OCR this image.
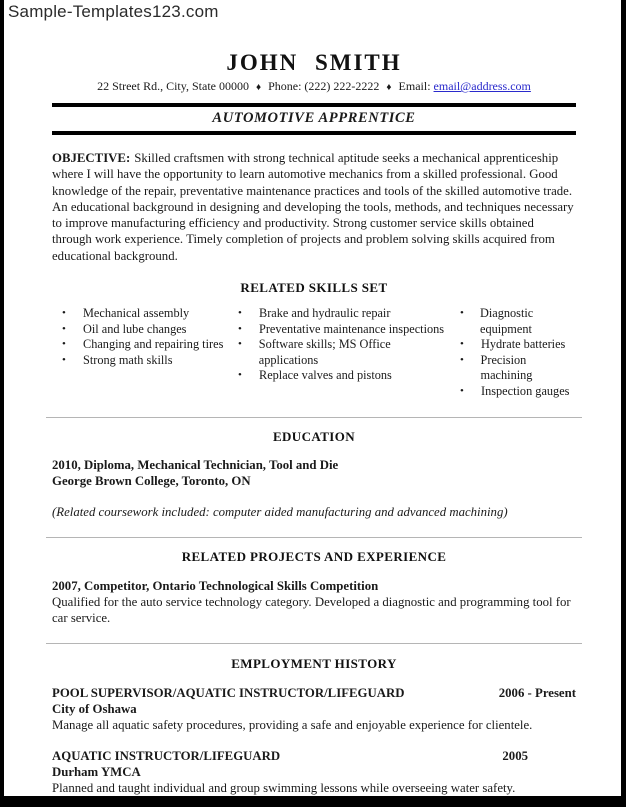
Sample-Templates123.com
JOHN SMITH
22 Street Rd., City, State 00000 ♦ Phone: (222) 222-2222 ♦ Email: email@address.com
AUTOMOTIVE APPRENTICE
OBJECTIVE: Skilled craftsmen with strong technical aptitude seeks a mechanical apprenticeship where I will have the opportunity to learn automotive mechanics from a skilled professional. Good knowledge of the repair, preventative maintenance practices and tools of the skilled automotive trade. An educational background in designing and developing the tools, methods, and techniques necessary to improve manufacturing efficiency and productivity. Strong customer service skills obtained through work experience. Timely completion of projects and problem solving skills acquired from educational background.
RELATED SKILLS SET
•	Mechanical assembly
•	Oil and lube changes
•	Changing and repairing tires
•	Strong math skills
•	Brake and hydraulic repair
•	Preventative maintenance inspections
•	Software skills; MS Office applications
•	Replace valves and pistons
•	Diagnostic equipment
•	Hydrate batteries
•	Precision machining
•	Inspection gauges
EDUCATION
2010, Diploma, Mechanical Technician, Tool and Die
George Brown College, Toronto, ON
(Related coursework included: computer aided manufacturing and advanced machining)
RELATED PROJECTS AND EXPERIENCE
2007, Competitor, Ontario Technological Skills Competition
Qualified for the auto service technology category. Developed a diagnostic and programming tool for car service.
EMPLOYMENT HISTORY
POOL SUPERVISOR/AQUATIC INSTRUCTOR/LIFEGUARD	2006 - Present
City of Oshawa
Manage all aquatic safety procedures, providing a safe and enjoyable experience for clientele.
AQUATIC INSTRUCTOR/LIFEGUARD	2005
Durham YMCA
Planned and taught individual and group swimming lessons while overseeing water safety.
